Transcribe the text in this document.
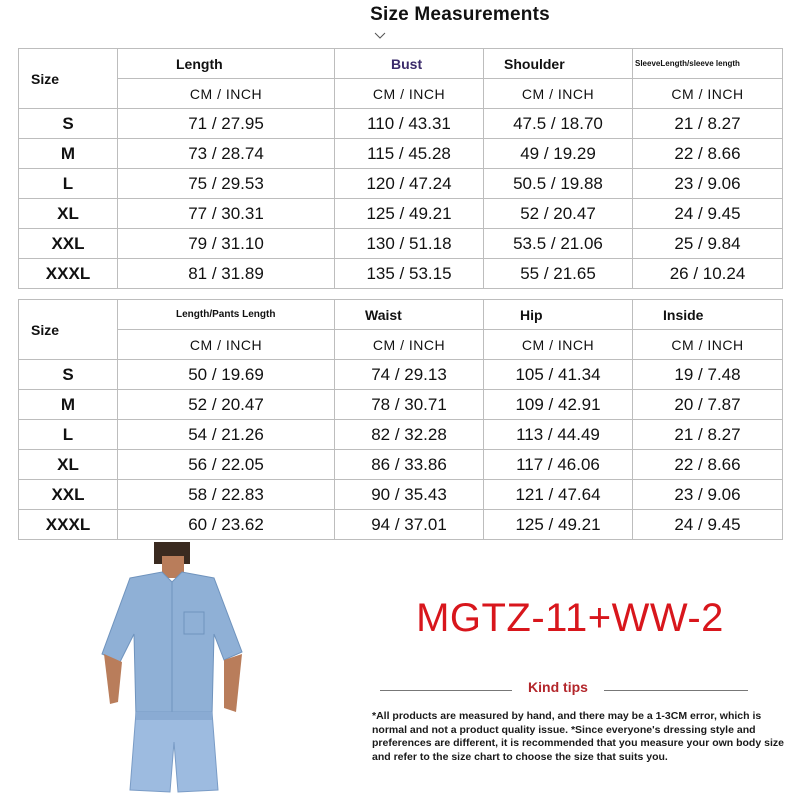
Size Measurements
Size	Length	Bust	Shoulder	SleeveLength/sleeve length
	CM / INCH	CM / INCH	CM / INCH	CM / INCH
S	71 / 27.95	110 / 43.31	47.5 / 18.70	21 / 8.27
M	73 / 28.74	115 / 45.28	49 / 19.29	22 / 8.66
L	75 / 29.53	120 / 47.24	50.5 / 19.88	23 / 9.06
XL	77 / 30.31	125 / 49.21	52 / 20.47	24 / 9.45
XXL	79 / 31.10	130 / 51.18	53.5 / 21.06	25 / 9.84
XXXL	81 / 31.89	135 / 53.15	55 / 21.65	26 / 10.24
Size	Length/Pants Length	Waist	Hip	Inside
	CM / INCH	CM / INCH	CM / INCH	CM / INCH
S	50 / 19.69	74 / 29.13	105 / 41.34	19 / 7.48
M	52 / 20.47	78 / 30.71	109 / 42.91	20 / 7.87
L	54 / 21.26	82 / 32.28	113 / 44.49	21 / 8.27
XL	56 / 22.05	86 / 33.86	117 / 46.06	22 / 8.66
XXL	58 / 22.83	90 / 35.43	121 / 47.64	23 / 9.06
XXXL	60 / 23.62	94 / 37.01	125 / 49.21	24 / 9.45
MGTZ-11+WW-2
Kind tips
*All products are measured by hand, and there may be a 1-3CM error, which is normal and not a product quality issue. *Since everyone's dressing style and preferences are different, it is recommended that you measure your own body size and refer to the size chart to choose the size that suits you.
